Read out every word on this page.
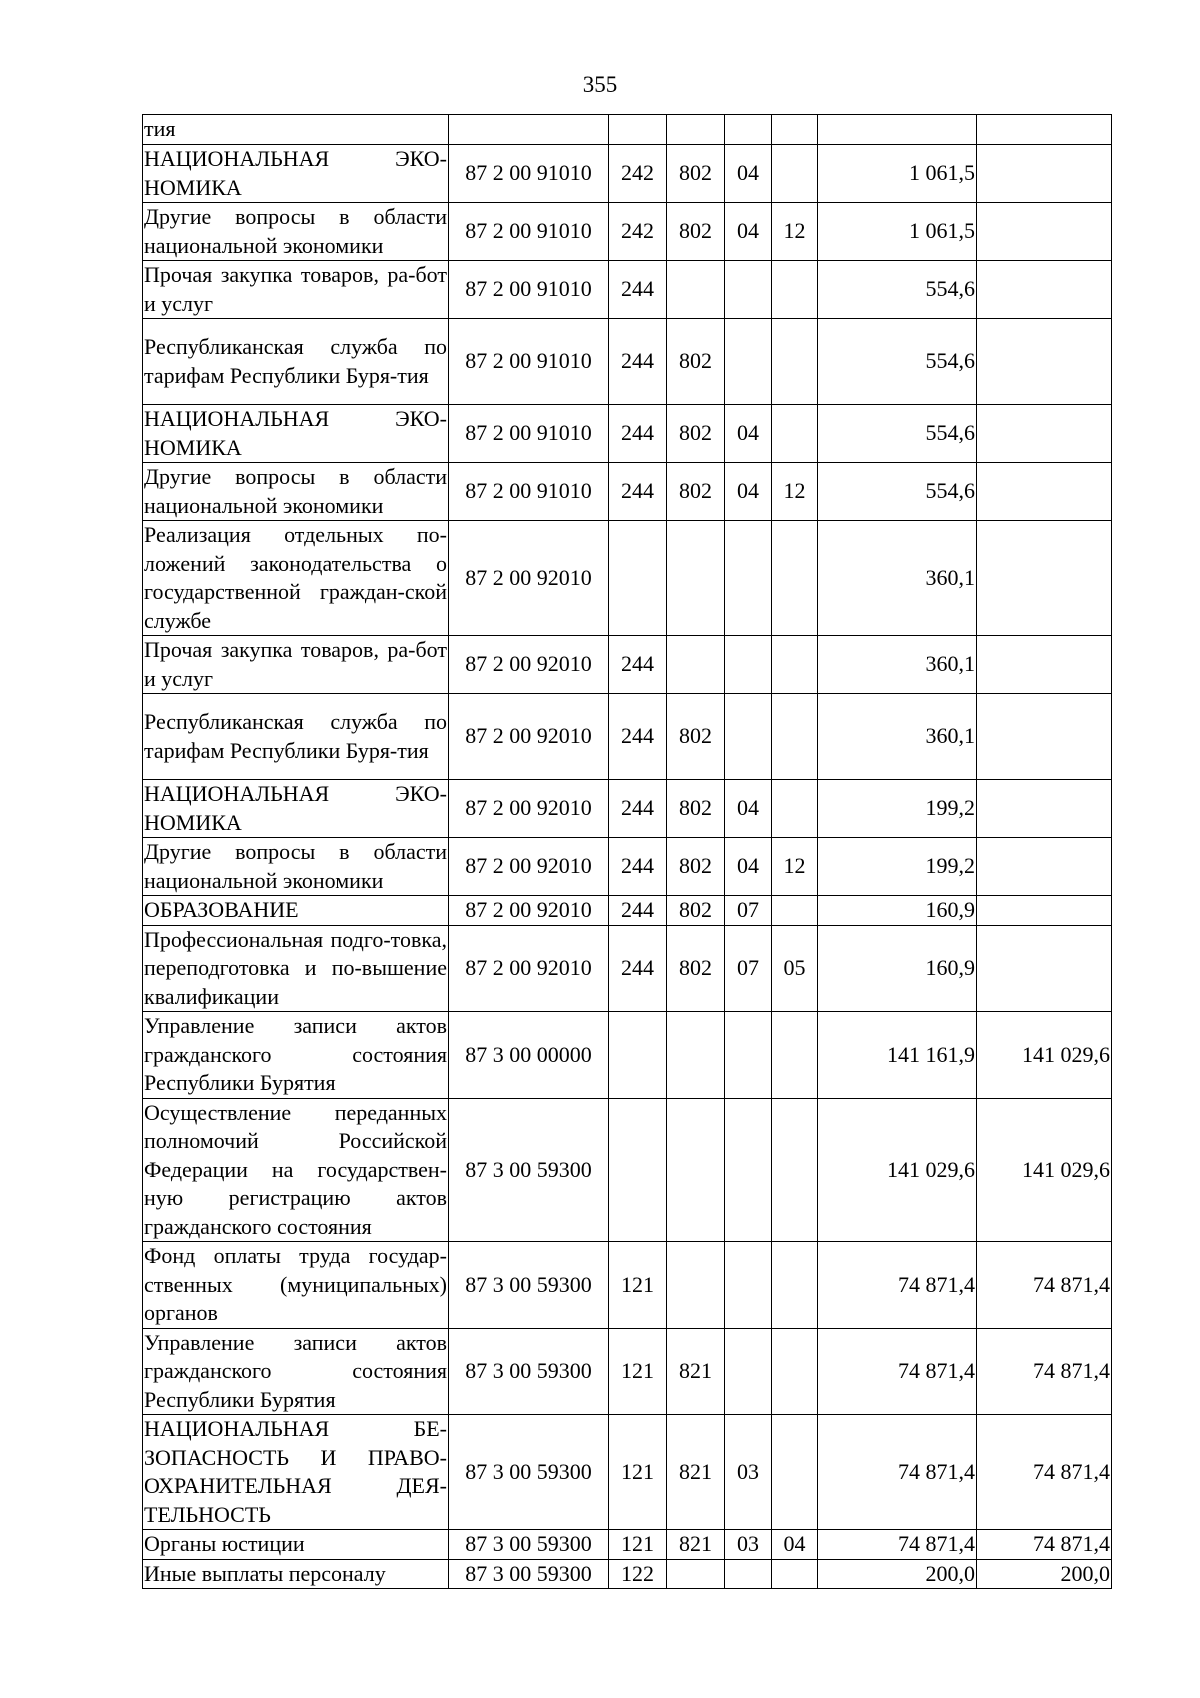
355
тия							
НАЦИОНАЛЬНАЯ ЭКО-НОМИКА	87 2 00 91010	242	802	04		1 061,5	
Другие вопросы в области национальной экономики	87 2 00 91010	242	802	04	12	1 061,5	
Прочая закупка товаров, ра-бот и услуг	87 2 00 91010	244				554,6	
Республиканская служба по тарифам Республики Буря-тия	87 2 00 91010	244	802			554,6	
НАЦИОНАЛЬНАЯ ЭКО-НОМИКА	87 2 00 91010	244	802	04		554,6	
Другие вопросы в области национальной экономики	87 2 00 91010	244	802	04	12	554,6	
Реализация отдельных по-ложений законодательства о государственной граждан-ской службе	87 2 00 92010					360,1	
Прочая закупка товаров, ра-бот и услуг	87 2 00 92010	244				360,1	
Республиканская служба по тарифам Республики Буря-тия	87 2 00 92010	244	802			360,1	
НАЦИОНАЛЬНАЯ ЭКО-НОМИКА	87 2 00 92010	244	802	04		199,2	
Другие вопросы в области национальной экономики	87 2 00 92010	244	802	04	12	199,2	
ОБРАЗОВАНИЕ	87 2 00 92010	244	802	07		160,9	
Профессиональная подго-товка, переподготовка и по-вышение квалификации	87 2 00 92010	244	802	07	05	160,9	
Управление записи актов гражданского состояния Республики Бурятия	87 3 00 00000					141 161,9	141 029,6
Осуществление переданных полномочий Российской Федерации на государствен-ную регистрацию актов гражданского состояния	87 3 00 59300					141 029,6	141 029,6
Фонд оплаты труда государ-ственных (муниципальных) органов	87 3 00 59300	121				74 871,4	74 871,4
Управление записи актов гражданского состояния Республики Бурятия	87 3 00 59300	121	821			74 871,4	74 871,4
НАЦИОНАЛЬНАЯ БЕ-ЗОПАСНОСТЬ И ПРАВО-ОХРАНИТЕЛЬНАЯ ДЕЯ-ТЕЛЬНОСТЬ	87 3 00 59300	121	821	03		74 871,4	74 871,4
Органы юстиции	87 3 00 59300	121	821	03	04	74 871,4	74 871,4
Иные выплаты персоналу	87 3 00 59300	122				200,0	200,0
